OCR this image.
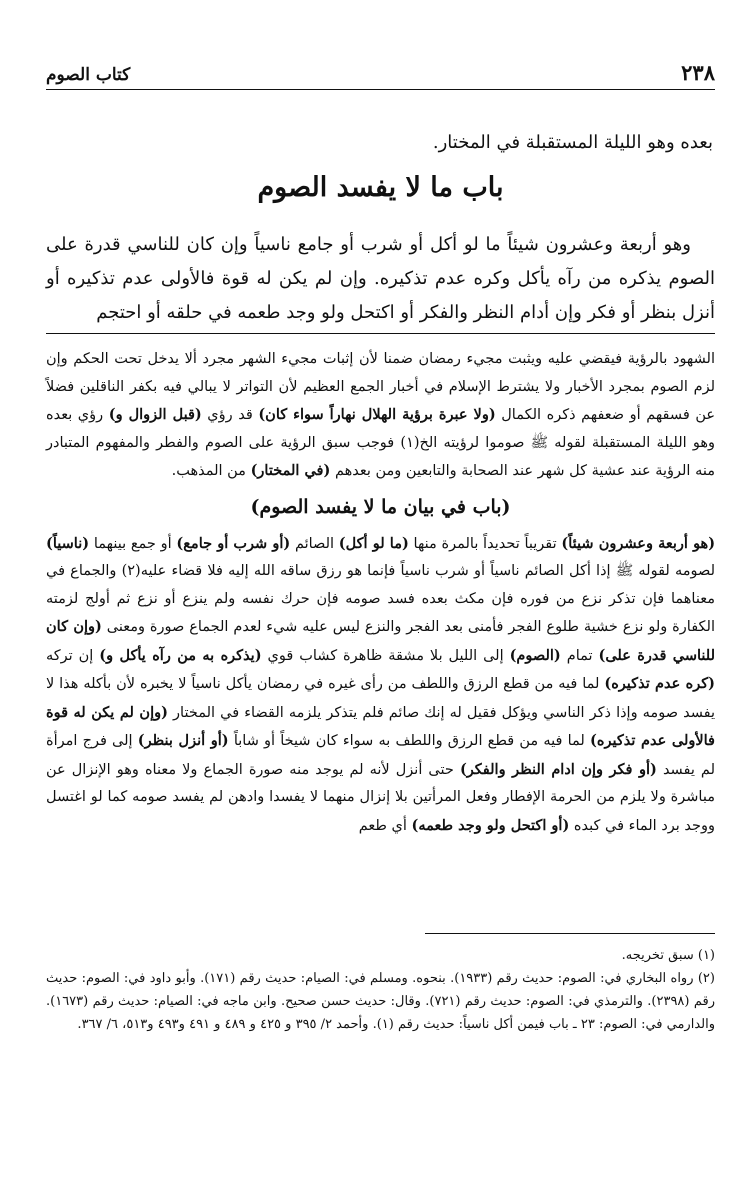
٢٣٨
كتاب الصوم
بعده وهو الليلة المستقبلة في المختار.
باب ما لا يفسد الصوم

وهو أربعة وعشرون شيئاً ما لو أكل أو شرب أو جامع ناسياً وإن كان للناسي قدرة على الصوم يذكره من رآه يأكل وكره عدم تذكيره. وإن لم يكن له قوة فالأولى عدم تذكيره أو أنزل بنظر أو فكر وإن أدام النظر والفكر أو اكتحل ولو وجد طعمه في حلقه أو احتجم

الشهود بالرؤية فيقضي عليه ويثبت مجيء رمضان ضمنا لأن إثبات مجيء الشهر مجرد ألا يدخل تحت الحكم وإن لزم الصوم بمجرد الأخبار ولا يشترط الإسلام في أخبار الجمع العظيم لأن التواتر لا يبالي فيه بكفر الناقلين فضلاً عن فسقهم أو ضعفهم ذكره الكمال (ولا عبرة برؤية الهلال نهاراً سواء كان) قد رؤي (قبل الزوال و) رؤي بعده وهو الليلة المستقبلة لقوله ﷺ صوموا لرؤيته الخ(١) فوجب سبق الرؤية على الصوم والفطر والمفهوم المتبادر منه الرؤية عند عشية كل شهر عند الصحابة والتابعين ومن بعدهم (في المختار) من المذهب.

(باب في بيان ما لا يفسد الصوم)

(هو أربعة وعشرون شيئاً) تقريباً تحديداً بالمرة منها (ما لو أكل) الصائم (أو شرب أو جامع) أو جمع بينهما (ناسياً) لصومه لقوله ﷺ إذا أكل الصائم ناسياً أو شرب ناسياً فإنما هو رزق ساقه الله إليه فلا قضاء عليه(٢) والجماع في معناهما فإن تذكر نزع من فوره فإن مكث بعده فسد صومه فإن حرك نفسه ولم ينزع أو نزع ثم أولج لزمته الكفارة ولو نزع خشية طلوع الفجر فأمنى بعد الفجر والنزع ليس عليه شيء لعدم الجماع صورة ومعنى (وإن كان للناسي قدرة على) تمام (الصوم) إلى الليل بلا مشقة ظاهرة كشاب قوي (يذكره به من رآه يأكل و) إن تركه (كره عدم تذكيره) لما فيه من قطع الرزق واللطف من رأى غيره في رمضان يأكل ناسياً لا يخبره لأن بأكله هذا لا يفسد صومه وإذا ذكر الناسي ويؤكل فقيل له إنك صائم فلم يتذكر يلزمه القضاء في المختار (وإن لم يكن له قوة فالأولى عدم تذكيره) لما فيه من قطع الرزق واللطف به سواء كان شيخاً أو شاباً (أو أنزل بنظر) إلى فرج امرأة لم يفسد (أو فكر وإن ادام النظر والفكر) حتى أنزل لأنه لم يوجد منه صورة الجماع ولا معناه وهو الإنزال عن مباشرة ولا يلزم من الحرمة الإفطار وفعل المرأتين بلا إنزال منهما لا يفسدا وادهن لم يفسد صومه كما لو اغتسل ووجد برد الماء في كبده (أو اكتحل ولو وجد طعمه) أي طعم

(١) سبق تخريجه.

(٢) رواه البخاري في: الصوم: حديث رقم (١٩٣٣). بنحوه. ومسلم في: الصيام: حديث رقم (١٧١). وأبو داود في: الصوم: حديث رقم (٢٣٩٨). والترمذي في: الصوم: حديث رقم (٧٢١). وقال: حديث حسن صحيح. وابن ماجه في: الصيام: حديث رقم (١٦٧٣). والدارمي في: الصوم: ٢٣ ـ باب فيمن أكل ناسياً: حديث رقم (١). وأحمد ٢/ ٣٩٥ و ٤٢٥ و ٤٨٩ و ٤٩١ و٤٩٣ و٥١٣، ٦/ ٣٦٧.
